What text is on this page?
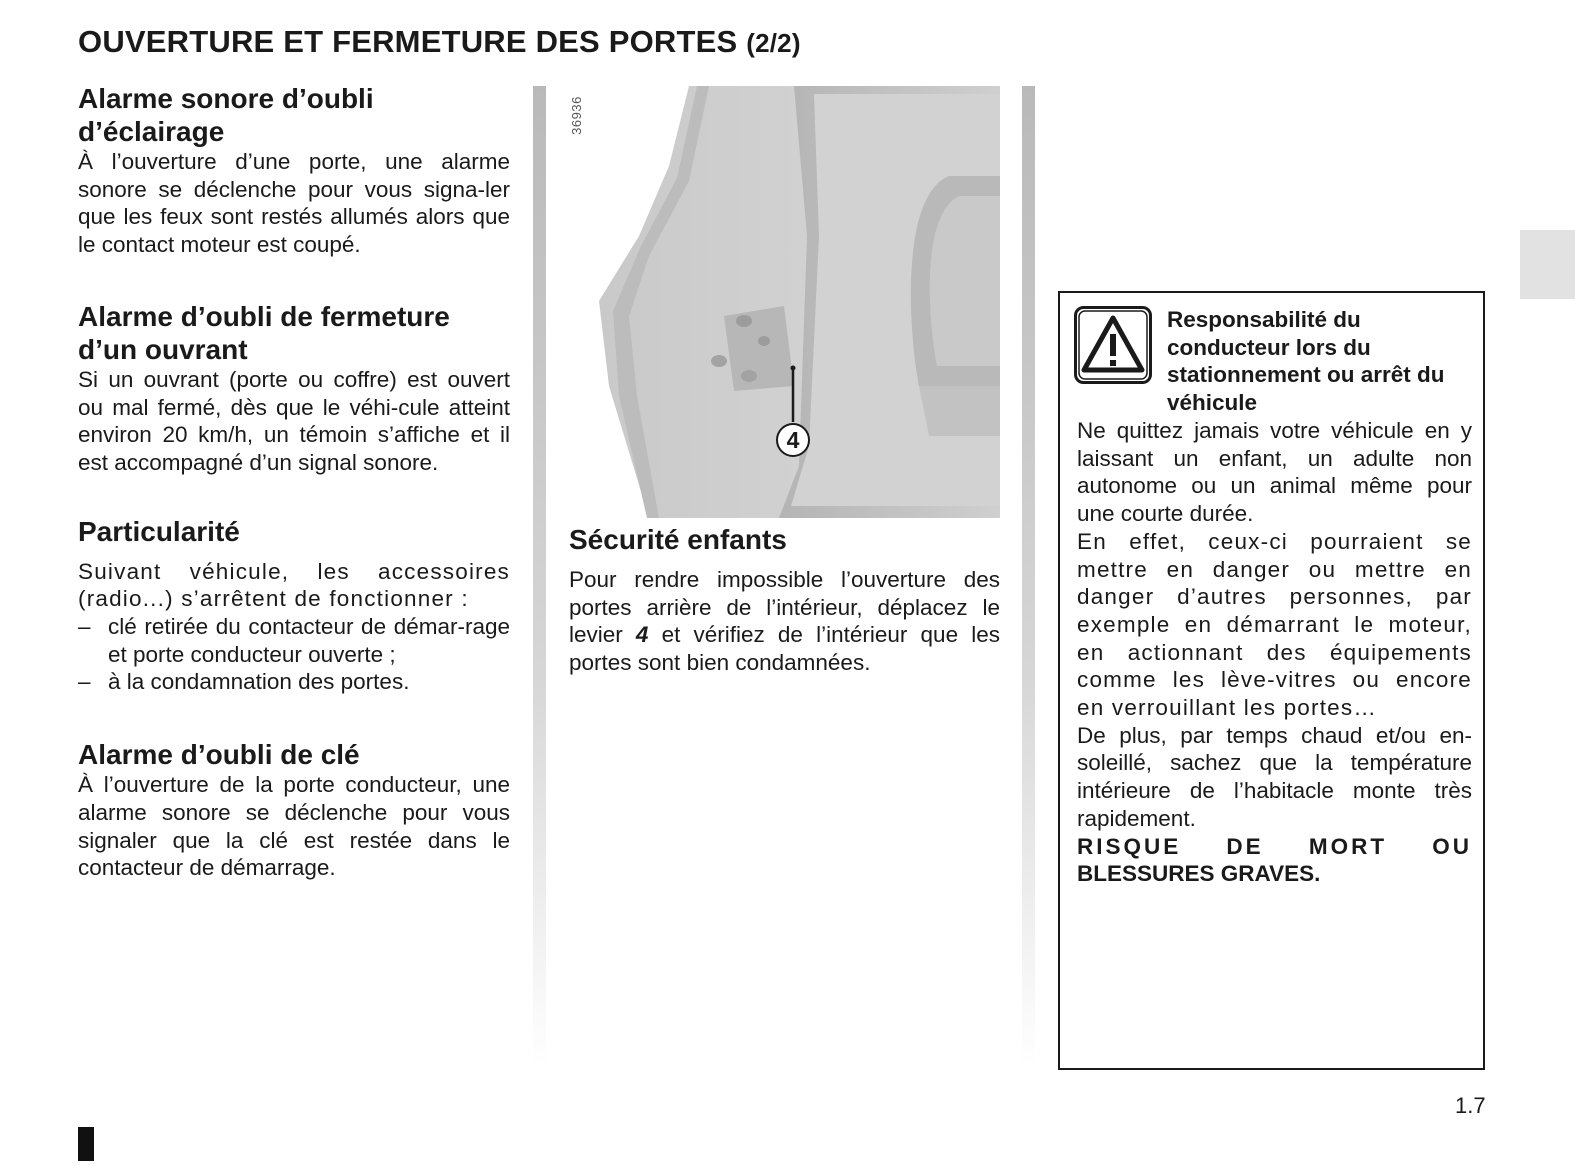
OUVERTURE ET FERMETURE DES PORTES (2/2)
Alarme sonore d’oubli
d’éclairage

À l’ouverture d’une porte, une alarme sonore se déclenche pour vous signa-ler que les feux sont restés allumés alors que le contact moteur est coupé.

Alarme d’oubli de fermeture
d’un ouvrant

Si un ouvrant (porte ou coffre) est ouvert ou mal fermé, dès que le véhi-cule atteint environ 20 km/h, un témoin s’affiche et il est accompagné d’un signal sonore.

Particularité

Suivant véhicule, les accessoires (radio...) s’arrêtent de fonctionner :

– clé retirée du contacteur de démar-rage et porte conducteur ouverte ;
– à la condamnation des portes.
Alarme d’oubli de clé

À l’ouverture de la porte conducteur, une alarme sonore se déclenche pour vous signaler que la clé est restée dans le contacteur de démarrage.

36936
4
Sécurité enfants

Pour rendre impossible l’ouverture des portes arrière de l’intérieur, déplacez le levier 4 et vérifiez de l’intérieur que les portes sont bien condamnées.

Responsabilité du conducteur lors du stationnement ou arrêt du véhicule

Ne quittez jamais votre véhicule en y laissant un enfant, un adulte non autonome ou un animal même pour une courte durée.

En effet, ceux-ci pourraient se mettre en danger ou mettre en danger d’autres personnes, par exemple en démarrant le moteur, en actionnant des équipements comme les lève-vitres ou encore en verrouillant les portes…

De plus, par temps chaud et/ou en-soleillé, sachez que la température intérieure de l’habitacle monte très rapidement.

RISQUE DE MORT OU

BLESSURES GRAVES.

1.7
